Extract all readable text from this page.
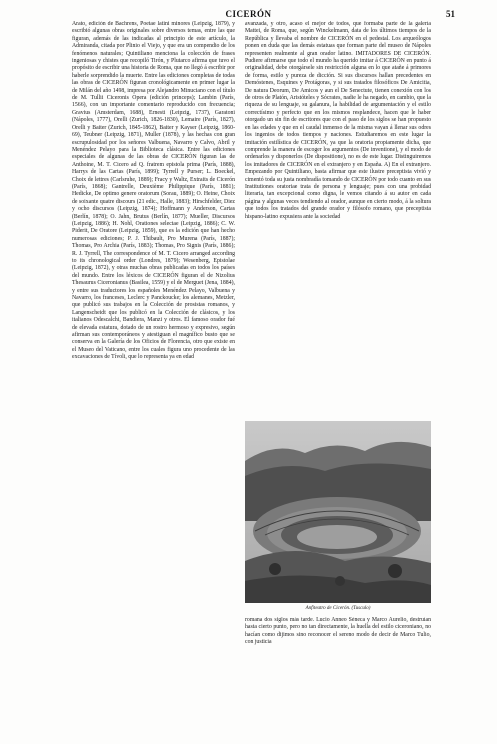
CICERÓN	51

Arato, edición de Bachrens, Poetae latini minores (Leipzig, 1879), y escribió algunas obras originales sobre diversos temas, entre las que figuran, además de las indicadas al principio de este artículo, la Admiranda, citada por Plinio el Viejo, y que era un compendio de los fenómenos naturales; Quintiliano menciona la colección de frases ingeniosas y chistes que recopiló Tirón, y Plutarco afirma que tuvo el propósito de escribir una historia de Roma, que no llegó á escribir por haberle sorprendido la muerte. Entre las ediciones completas de todas las obras de CICERÓN figuran cronológicamente en primer lugar la de Milán del año 1498, impresa por Alejandro Minuciano con el título de M. Tullii Ciceronis Opera (edición princeps); Lambin (París, 1566), con un importante comentario reproducido con frecuencia; Gravius (Amsterdam, 1688), Ernesti (Leipzig, 1737), Garatoni (Nápoles, 1777), Orelli (Zurich, 1826-1830), Lemaire (París, 1827), Orelli y Baiter (Zurich, 1845-1862), Baiter y Kayser (Leipzig, 1860-69), Teubner (Leipzig, 1871), Muller (1878), y las hechas con gran escrupulosidad por los señores Valbuena, Navarro y Calvo, Abril y Menéndez Pelayo para la Biblioteca clásica. Entre las ediciones especiales de algunas de las obras de CICERÓN figuran las de Anthoine, M. T. Cicero ad Q. fratrem epistola prima (París, 1888), Harrys de las Cartas (París, 1899); Tyrrell y Purser; L. Boeckel, Choix de lettres (Carlsruhe, 1889); Fracy y Waltz, Extraits de Cicerón (París, 1868); Gantrelle, Deuxième Philippique (París, 1881); Hedicke, De optimo genere oratorum (Sorau, 1889); O. Heine, Choix de soixante quatre discours (21 edic., Halle, 1883); Hirschfelder, Diez y ocho discursos (Leipzig, 1874); Hoffmann y Anderson, Cartas (Berlín, 1878); O. Jahn, Brutus (Berlín, 1877); Mueller, Discursos (Leipzig, 1886); H. Nohl, Orationes selectae (Leipzig, 1886); C. W. Piderit, De Oratore (Leipzig, 1859), que es la edición que han hecho numerosas ediciones; P. J. Thibault, Pro Murena (París, 1887); Thomas, Pro Archia (París, 1883); Thomas, Pro Signis (París, 1886); R. J. Tyrrell, The correspondence of M. T. Cicero arranged according to its chronological order (Londres, 1879); Wesenberg, Epistolae (Leipzig, 1872), y otras muchas obras publicadas en todos los países del mundo. Entre los léxicos de CICERÓN figuran el de Nizolius Thesaurus Ciceronianus (Basilea, 1559) y el de Merguet (Jena, 1884), y entre sus traductores los españoles Menéndez Pelayo, Valbuena y Navarro, los franceses, Leclerc y Panckoucke; los alemanes, Metzler, que publicó sus trabajos en la Colección de prosistas romanos, y Langenscheidt que los publicó en la Colección de clásicos, y los italianos Odescalchi, Bandiera, Manzi y otros. El famoso orador fué de elevada estatura, dotado de un rostro hermoso y expresivo, según afirman sus contemporáneos y atestiguan el magnífico busto que se conserva en la Galería de los Oficios de Florencia, otro que existe en el Museo del Vaticano, entre los cuales figura uno procedente de las excavaciones de Tívoli, que lo representa ya en edad

avanzada, y otro, acaso el mejor de todos, que formaba parte de la galería Mattei, de Roma, que, según Winckelmann, data de los últimos tiempos de la República y llevaba el nombre de CICERÓN en el pedestal. Los arqueólogos ponen en duda que las demás estatuas que forman parte del museo de Nápoles representen realmente al gran orador latino. IMITADORES DE CICERÓN. Pudiere afirmarse que todo el mundo ha querido imitar á CICERÓN en punto á originalidad, debe otorgársele sin restricción alguna en lo que atañe á primores de forma, estilo y pureza de dicción. Si sus discursos hallan precedentes en Demóstenes, Esquines y Protágoras, y si sus tratados filosóficos De Amicitia, De natura Deorum, De Amicos y aun el De Senectute, tienen conexión con los de otros de Platón, Aristóteles y Sócrates, nadie le ha negado, en cambio, que la riqueza de su lenguaje, su galanura, la habilidad de argumentación y el estilo correctísimo y perfecto que en los mismos resplandece, hacen que le haber otorgado un sin fin de escritores que con el paso de los siglos se han propuesto en las edades y que en el caudal inmenso de la misma vayan á llenar sus odres los ingenios de todos tiempos y naciones. Estudiaremos en este lugar la imitación estilística de CICERÓN, ya que la oratoria propiamente dicha, que comprende la manera de escoger los argumentos (De inventione), y el modo de ordenarlos y disponerlos (De dispositione), no es de este lugar. Distinguiremos los imitadores de CICERÓN en el extranjero y en España. A) En el extranjero. Empezando por Quintiliano, basta afirmar que este ilustre preceptista vivió y cimentó toda su justa nombradía tomando de CICERÓN por todo cuanto en sus Institutiones oratoriae trata de persona y lenguaje; pues con una probidad literaria, tan excepcional como digna, le vemos citando á su autor en cada página y algunas veces tendiendo al orador, aunque en cierto modo, á la soltura que todos los tratados del grande orador y filósofo romano, que preceptista hispano-latino expusiera ante la sociedad

Anfiteatro de Cicerón. (Tusculo)

romana dos siglos más tarde. Lucio Anneo Séneca y Marco Aurelio, destruían hasta cierto punto, pero no tan directamente, la huella del estilo ciceroniano, no hacían como dijimos sino reconocer el sereno modo de decir de Marco Tulio, con justicia
